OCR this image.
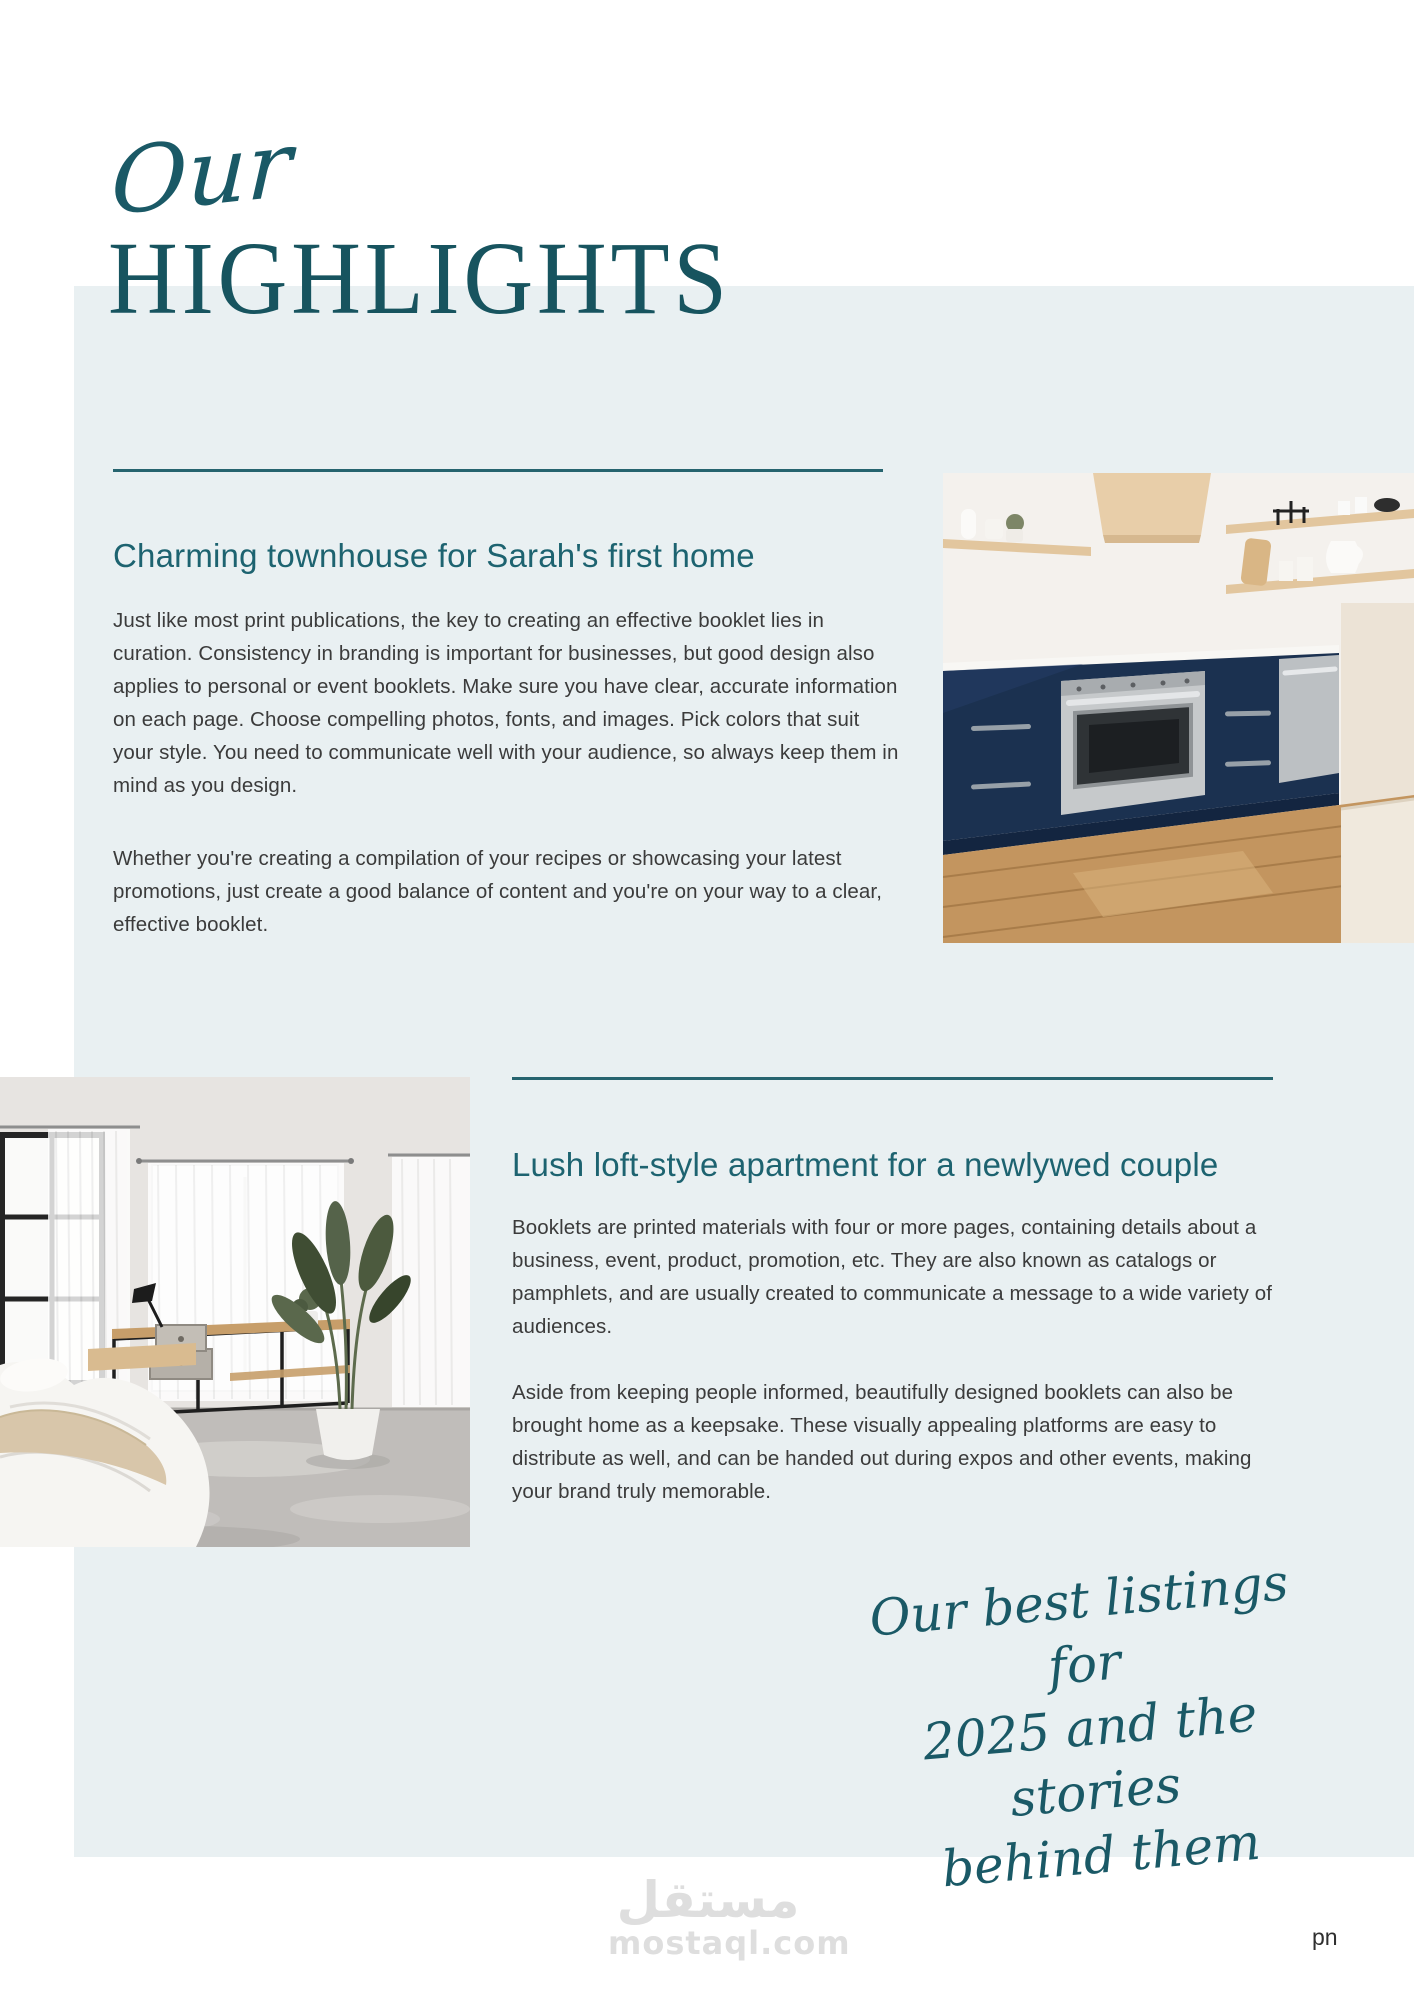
Our
HIGHLIGHTS
Charming townhouse for Sarah's first home

Just like most print publications, the key to creating an effective booklet lies in curation. Consistency in branding is important for businesses, but good design also applies to personal or event booklets. Make sure you have clear, accurate information on each page. Choose compelling photos, fonts, and images. Pick colors that suit your style. You need to communicate well with your audience, so always keep them in mind as you design.

Whether you're creating a compilation of your recipes or showcasing your latest promotions, just create a good balance of content and you're on your way to a clear, effective booklet.

Lush loft-style apartment for a newlywed couple

Booklets are printed materials with four or more pages, containing details about a business, event, product, promotion, etc. They are also known as catalogs or pamphlets, and are usually created to communicate a message to a wide variety of audiences.

Aside from keeping people informed, beautifully designed booklets can also be brought home as a keepsake. These visually appealing platforms are easy to distribute as well, and can be handed out during expos and other events, making your brand truly memorable.

Our best listings for
2025 and the stories
behind them
مستقل
mostaql.com	pn
